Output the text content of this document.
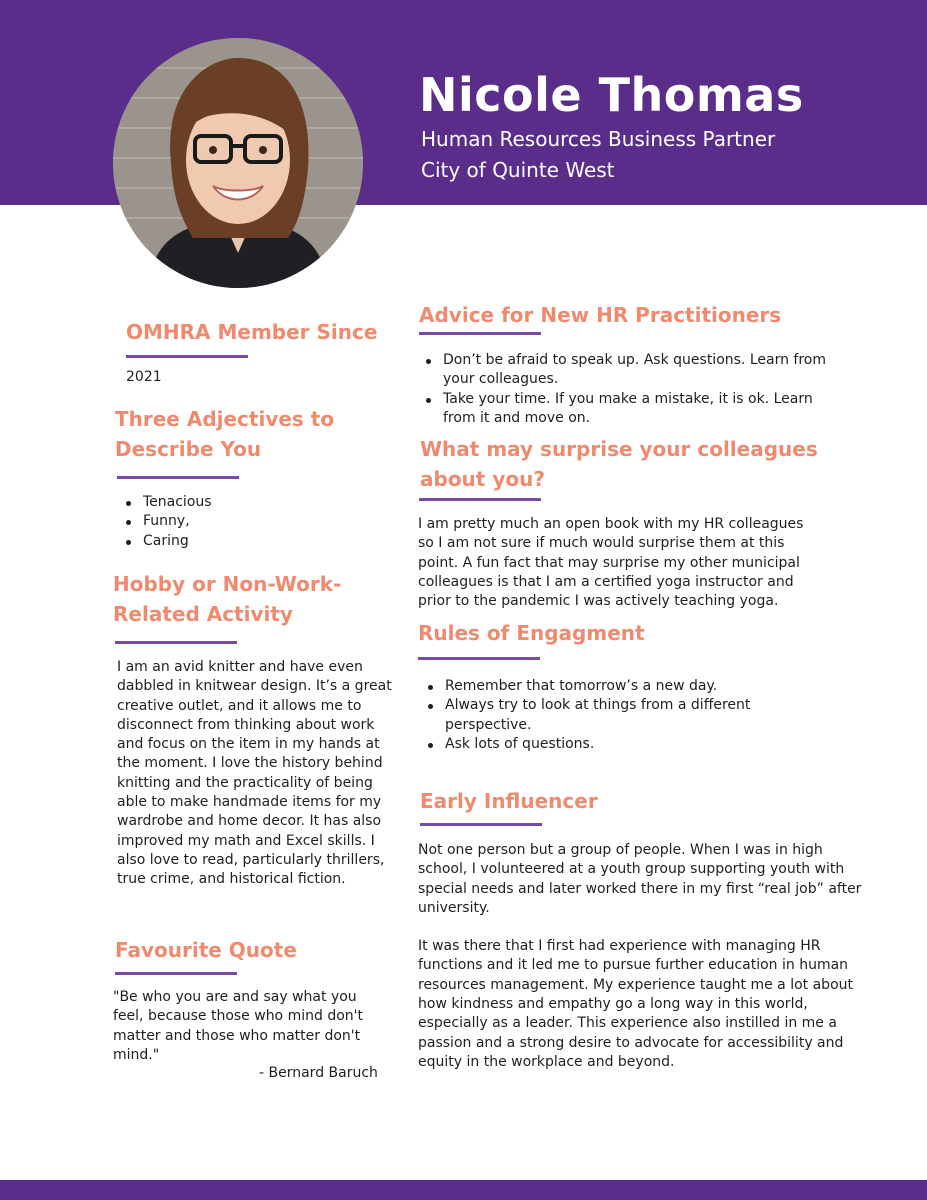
Nicole Thomas
Human Resources Business Partner
City of Quinte West
OMHRA Member Since
2021
Three Adjectives to
Describe You
Tenacious
Funny,
Caring
Hobby or Non-Work-
Related Activity
I am an avid knitter and have even dabbled in knitwear design. It’s a great creative outlet, and it allows me to disconnect from thinking about work and focus on the item in my hands at the moment. I love the history behind knitting and the practicality of being able to make handmade items for my wardrobe and home decor. It has also improved my math and Excel skills. I also love to read, particularly thrillers, true crime, and historical fiction.
Favourite Quote
"Be who you are and say what you feel, because those who mind don't matter and those who matter don't mind."
- Bernard Baruch
Advice for New HR Practitioners
Don’t be afraid to speak up. Ask questions. Learn from your colleagues.
Take your time. If you make a mistake, it is ok. Learn from it and move on.
What may surprise your colleagues
about you?
I am pretty much an open book with my HR colleagues so I am not sure if much would surprise them at this point. A fun fact that may surprise my other municipal colleagues is that I am a certified yoga instructor and prior to the pandemic I was actively teaching yoga.
Rules of Engagment
Remember that tomorrow’s a new day.
Always try to look at things from a different perspective.
Ask lots of questions.
Early Influencer

Not one person but a group of people. When I was in high school, I volunteered at a youth group supporting youth with special needs and later worked there in my first “real job” after university.

It was there that I first had experience with managing HR functions and it led me to pursue further education in human resources management. My experience taught me a lot about how kindness and empathy go a long way in this world, especially as a leader. This experience also instilled in me a passion and a strong desire to advocate for accessibility and equity in the workplace and beyond.
